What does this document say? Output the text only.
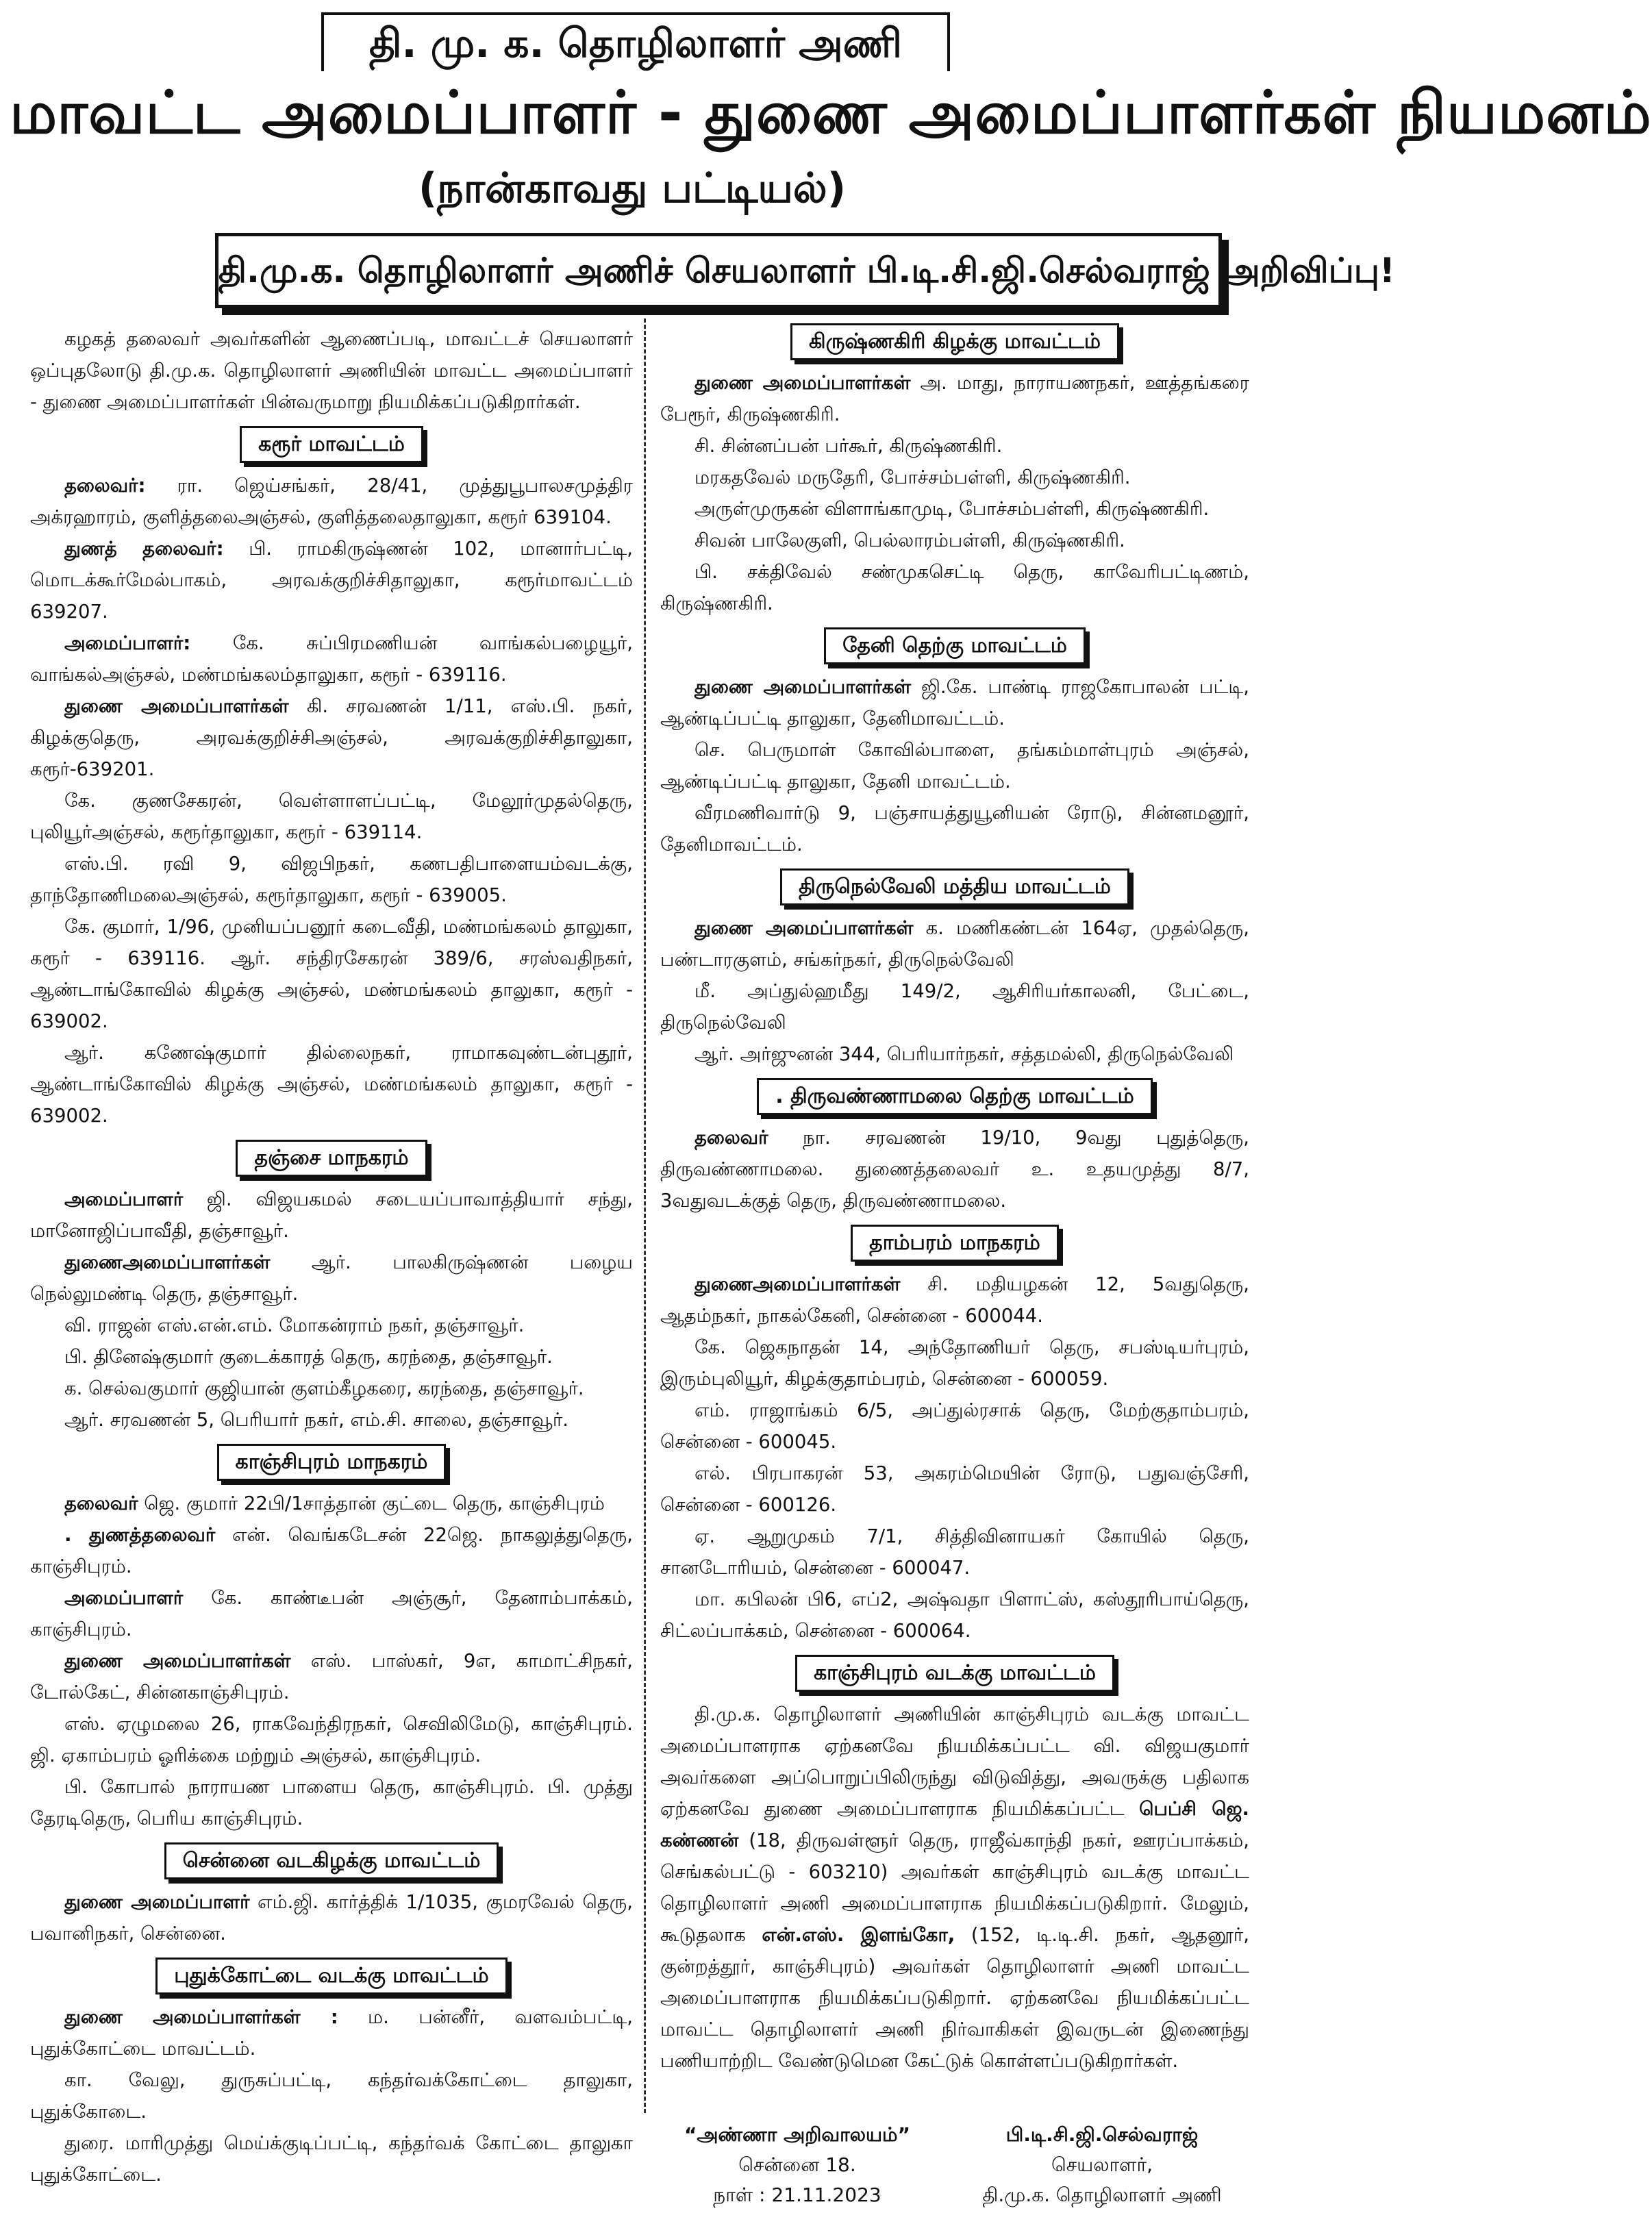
தி. மு. க. தொழிலாளர் அணி
மாவட்ட அமைப்பாளர் - துணை அமைப்பாளர்கள் நியமனம்
(நான்காவது பட்டியல்)
தி.மு.க. தொழிலாளர் அணிச் செயலாளர் பி.டி.சி.ஜி.செல்வராஜ் அறிவிப்பு!

கழகத் தலைவர் அவர்களின் ஆணைப்படி, மாவட்டச் செயலாளர் ஒப்புதலோடு தி.மு.க. தொழிலாளர் அணியின் மாவட்ட அமைப்பாளர் - துணை அமைப்பாளர்கள் பின்வருமாறு நியமிக்கப்படுகிறார்கள்.

கரூர் மாவட்டம்

தலைவர்: ரா. ஜெய்சங்கர், 28/41, முத்துபூபாலசமுத்திர அக்ரஹாரம், குளித்தலைஅஞ்சல், குளித்தலைதாலுகா, கரூர் 639104.

துணத் தலைவர்: பி. ராமகிருஷ்ணன் 102, மானார்பட்டி, மொடக்கூர்மேல்பாகம், அரவக்குறிச்சிதாலுகா, கரூர்மாவட்டம் 639207.

அமைப்பாளர்: கே. சுப்பிரமணியன் வாங்கல்பழையூர், வாங்கல்அஞ்சல், மண்மங்கலம்தாலுகா, கரூர் - 639116.

துணை அமைப்பாளர்கள் கி. சரவணன் 1/11, எஸ்.பி. நகர், கிழக்குதெரு, அரவக்குறிச்சிஅஞ்சல், அரவக்குறிச்சிதாலுகா, கரூர்-639201.

கே. குணசேகரன், வெள்ளாளப்பட்டி, மேலூர்முதல்தெரு, புலியூர்அஞ்சல், கரூர்தாலுகா, கரூர் - 639114.

எஸ்.பி. ரவி 9, விஜபிநகர், கணபதிபாளையம்வடக்கு, தாந்தோணிமலைஅஞ்சல், கரூர்தாலுகா, கரூர் - 639005.

கே. குமார், 1/96, முனியப்பனூர் கடைவீதி, மண்மங்கலம் தாலுகா, கரூர் - 639116. ஆர். சந்திரசேகரன் 389/6, சரஸ்வதிநகர், ஆண்டாங்கோவில் கிழக்கு அஞ்சல், மண்மங்கலம் தாலுகா, கரூர் - 639002.

ஆர். கணேஷ்குமார் தில்லைநகர், ராமாகவுண்டன்புதூர், ஆண்டாங்கோவில் கிழக்கு அஞ்சல், மண்மங்கலம் தாலுகா, கரூர் - 639002.

தஞ்சை மாநகரம்

அமைப்பாளர் ஜி. விஜயகமல் சடையப்பாவாத்தியார் சந்து, மானோஜிப்பாவீதி, தஞ்சாவூர்.

துணைஅமைப்பாளர்கள் ஆர். பாலகிருஷ்ணன் பழைய நெல்லுமண்டி தெரு, தஞ்சாவூர்.

வி. ராஜன் எஸ்.என்.எம். மோகன்ராம் நகர், தஞ்சாவூர்.

பி. தினேஷ்குமார் குடைக்காரத் தெரு, கரந்தை, தஞ்சாவூர்.

க. செல்வகுமார் குஜியான் குளம்கீழகரை, கரந்தை, தஞ்சாவூர்.

ஆர். சரவணன் 5, பெரியார் நகர், எம்.சி. சாலை, தஞ்சாவூர்.

காஞ்சிபுரம் மாநகரம்

தலைவர் ஜெ. குமார் 22பி/1சாத்தான் குட்டை தெரு, காஞ்சிபுரம்

. துணத்தலைவர் என். வெங்கடேசன் 22ஜெ. நாகலுத்துதெரு, காஞ்சிபுரம்.

அமைப்பாளர் கே. காண்டீபன் அஞ்சூர், தேனாம்பாக்கம், காஞ்சிபுரம்.

துணை அமைப்பாளர்கள் எஸ். பாஸ்கர், 9எ, காமாட்சிநகர், டோல்கேட், சின்னகாஞ்சிபுரம்.

எஸ். ஏழுமலை 26, ராகவேந்திரநகர், செவிலிமேடு, காஞ்சிபுரம். ஜி. ஏகாம்பரம் ஓரிக்கை மற்றும் அஞ்சல், காஞ்சிபுரம்.

பி. கோபால் நாராயண பாளைய தெரு, காஞ்சிபுரம். பி. முத்து தேரடிதெரு, பெரிய காஞ்சிபுரம்.

சென்னை வடகிழக்கு மாவட்டம்

துணை அமைப்பாளர் எம்.ஜி. கார்த்திக் 1/1035, குமரவேல் தெரு, பவானிநகர், சென்னை.

புதுக்கோட்டை வடக்கு மாவட்டம்

துணை அமைப்பாளர்கள் : ம. பன்னீர், வளவம்பட்டி, புதுக்கோட்டை மாவட்டம்.

கா. வேலு, துருசுப்பட்டி, கந்தர்வக்கோட்டை தாலுகா, புதுக்கோடை.

துரை. மாரிமுத்து மெய்க்குடிப்பட்டி, கந்தர்வக் கோட்டை தாலுகா புதுக்கோட்டை.

கிருஷ்ணகிரி கிழக்கு மாவட்டம்

துணை அமைப்பாளர்கள் அ. மாது, நாராயணநகர், ஊத்தங்கரை பேரூர், கிருஷ்ணகிரி.

சி. சின்னப்பன் பர்கூர், கிருஷ்ணகிரி.

மரகதவேல் மருதேரி, போச்சம்பள்ளி, கிருஷ்ணகிரி.

அருள்முருகன் விளாங்காமுடி, போச்சம்பள்ளி, கிருஷ்ணகிரி.

சிவன் பாலேகுளி, பெல்லாரம்பள்ளி, கிருஷ்ணகிரி.

பி. சக்திவேல் சண்முகசெட்டி தெரு, காவேரிபட்டிணம், கிருஷ்ணகிரி.

தேனி தெற்கு மாவட்டம்

துணை அமைப்பாளர்கள் ஜி.கே. பாண்டி ராஜகோபாலன் பட்டி, ஆண்டிப்பட்டி தாலுகா, தேனிமாவட்டம்.

செ. பெருமாள் கோவில்பாளை, தங்கம்மாள்புரம் அஞ்சல், ஆண்டிப்பட்டி தாலுகா, தேனி மாவட்டம்.

வீரமணிவார்டு 9, பஞ்சாயத்துயூனியன் ரோடு, சின்னமனூர், தேனிமாவட்டம்.

திருநெல்வேலி மத்திய மாவட்டம்

துணை அமைப்பாளர்கள் க. மணிகண்டன் 164ஏ, முதல்தெரு, பண்டாரகுளம், சங்கர்நகர், திருநெல்வேலி

மீ. அப்துல்ஹமீது 149/2, ஆசிரியர்காலனி, பேட்டை, திருநெல்வேலி

ஆர். அர்ஜுனன் 344, பெரியார்நகர், சத்தமல்லி, திருநெல்வேலி

. திருவண்ணாமலை தெற்கு மாவட்டம்

தலைவர் நா. சரவணன் 19/10, 9வது புதுத்தெரு, திருவண்ணாமலை. துணைத்தலைவர் உ. உதயமுத்து 8/7, 3வதுவடக்குத் தெரு, திருவண்ணாமலை.

தாம்பரம் மாநகரம்

துணைஅமைப்பாளர்கள் சி. மதியழகன் 12, 5வதுதெரு, ஆதம்நகர், நாகல்கேனி, சென்னை - 600044.

கே. ஜெகநாதன் 14, அந்தோணியர் தெரு, சபஸ்டியர்புரம், இரும்புலியூர், கிழக்குதாம்பரம், சென்னை - 600059.

எம். ராஜாங்கம் 6/5, அப்துல்ரசாக் தெரு, மேற்குதாம்பரம், சென்னை - 600045.

எல். பிரபாகரன் 53, அகரம்மெயின் ரோடு, பதுவஞ்சேரி, சென்னை - 600126.

ஏ. ஆறுமுகம் 7/1, சித்திவினாயகர் கோயில் தெரு, சானடோரியம், சென்னை - 600047.

மா. கபிலன் பி6, எப்2, அஷ்வதா பிளாட்ஸ், கஸ்தூரிபாய்தெரு, சிட்லப்பாக்கம், சென்னை - 600064.

காஞ்சிபுரம் வடக்கு மாவட்டம்

தி.மு.க. தொழிலாளர் அணியின் காஞ்சிபுரம் வடக்கு மாவட்ட அமைப்பாளராக ஏற்கனவே நியமிக்கப்பட்ட வி. விஜயகுமார் அவர்களை அப்பொறுப்பிலிருந்து விடுவித்து, அவருக்கு பதிலாக ஏற்கனவே துணை அமைப்பாளராக நியமிக்கப்பட்ட பெப்சி ஜெ. கண்ணன் (18, திருவள்ளூர் தெரு, ராஜீவ்காந்தி நகர், ஊரப்பாக்கம், செங்கல்பட்டு - 603210) அவர்கள் காஞ்சிபுரம் வடக்கு மாவட்ட தொழிலாளர் அணி அமைப்பாளராக நியமிக்கப்படுகிறார். மேலும், கூடுதலாக என்.எஸ். இளங்கோ, (152, டி.டி.சி. நகர், ஆதனூர், குன்றத்தூர், காஞ்சிபுரம்) அவர்கள் தொழிலாளர் அணி மாவட்ட அமைப்பாளராக நியமிக்கப்படுகிறார். ஏற்கனவே நியமிக்கப்பட்ட மாவட்ட தொழிலாளர் அணி நிர்வாகிகள் இவருடன் இணைந்து பணியாற்றிட வேண்டுமென கேட்டுக் கொள்ளப்படுகிறார்கள்.

“அண்ணா அறிவாலயம்”
சென்னை 18.
நாள் : 21.11.2023
பி.டி.சி.ஜி.செல்வராஜ்
செயலாளர்,
தி.மு.க. தொழிலாளர் அணி
